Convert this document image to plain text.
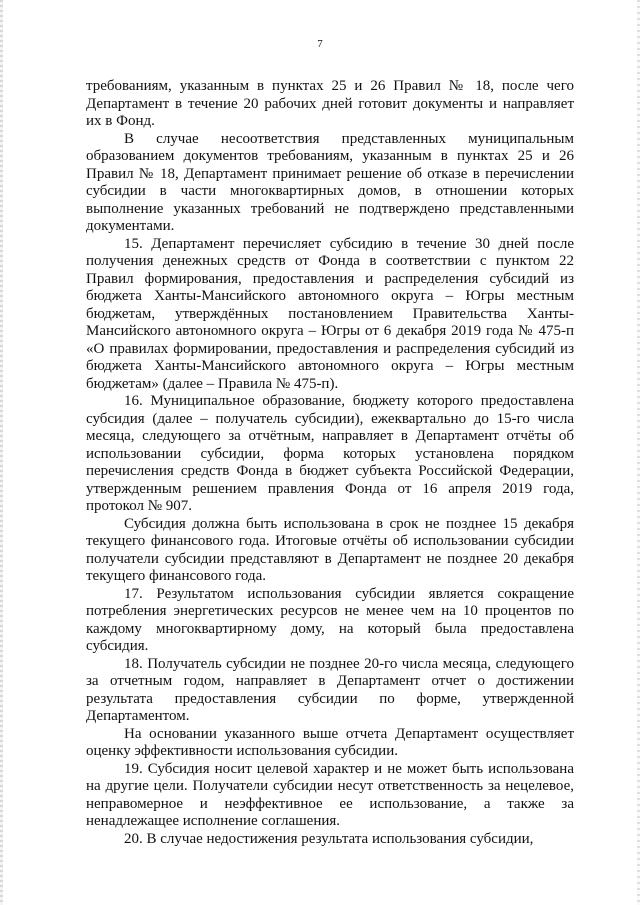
7

требованиям, указанным в пунктах 25 и 26 Правил № 18, после чего Департамент в течение 20 рабочих дней готовит документы и направляет их в Фонд.

В случае несоответствия представленных муниципальным образованием документов требованиям, указанным в пунктах 25 и 26 Правил № 18, Департамент принимает решение об отказе в перечислении субсидии в части многоквартирных домов, в отношении которых выполнение указанных требований не подтверждено представленными документами.

15. Департамент перечисляет субсидию в течение 30 дней после получения денежных средств от Фонда в соответствии с пунктом 22 Правил формирования, предоставления и распределения субсидий из бюджета Ханты-Мансийского автономного округа – Югры местным бюджетам, утверждённых постановлением Правительства Ханты-Мансийского автономного округа – Югры от 6 декабря 2019 года № 475-п «О правилах формировании, предоставления и распределения субсидий из бюджета Ханты-Мансийского автономного округа – Югры местным бюджетам» (далее – Правила № 475-п).

16. Муниципальное образование, бюджету которого предоставлена субсидия (далее – получатель субсидии), ежеквартально до 15-го числа месяца, следующего за отчётным, направляет в Департамент отчёты об использовании субсидии, форма которых установлена порядком перечисления средств Фонда в бюджет субъекта Российской Федерации, утвержденным решением правления Фонда от 16 апреля 2019 года, протокол № 907.

Субсидия должна быть использована в срок не позднее 15 декабря текущего финансового года. Итоговые отчёты об использовании субсидии получатели субсидии представляют в Департамент не позднее 20 декабря текущего финансового года.

17. Результатом использования субсидии является сокращение потребления энергетических ресурсов не менее чем на 10 процентов по каждому многоквартирному дому, на который была предоставлена субсидия.

18. Получатель субсидии не позднее 20-го числа месяца, следующего за отчетным годом, направляет в Департамент отчет о достижении результата предоставления субсидии по форме, утвержденной Департаментом.

На основании указанного выше отчета Департамент осуществляет оценку эффективности использования субсидии.

19. Субсидия носит целевой характер и не может быть использована на другие цели. Получатели субсидии несут ответственность за нецелевое, неправомерное и неэффективное ее использование, а также за ненадлежащее исполнение соглашения.

20. В случае недостижения результата использования субсидии,
